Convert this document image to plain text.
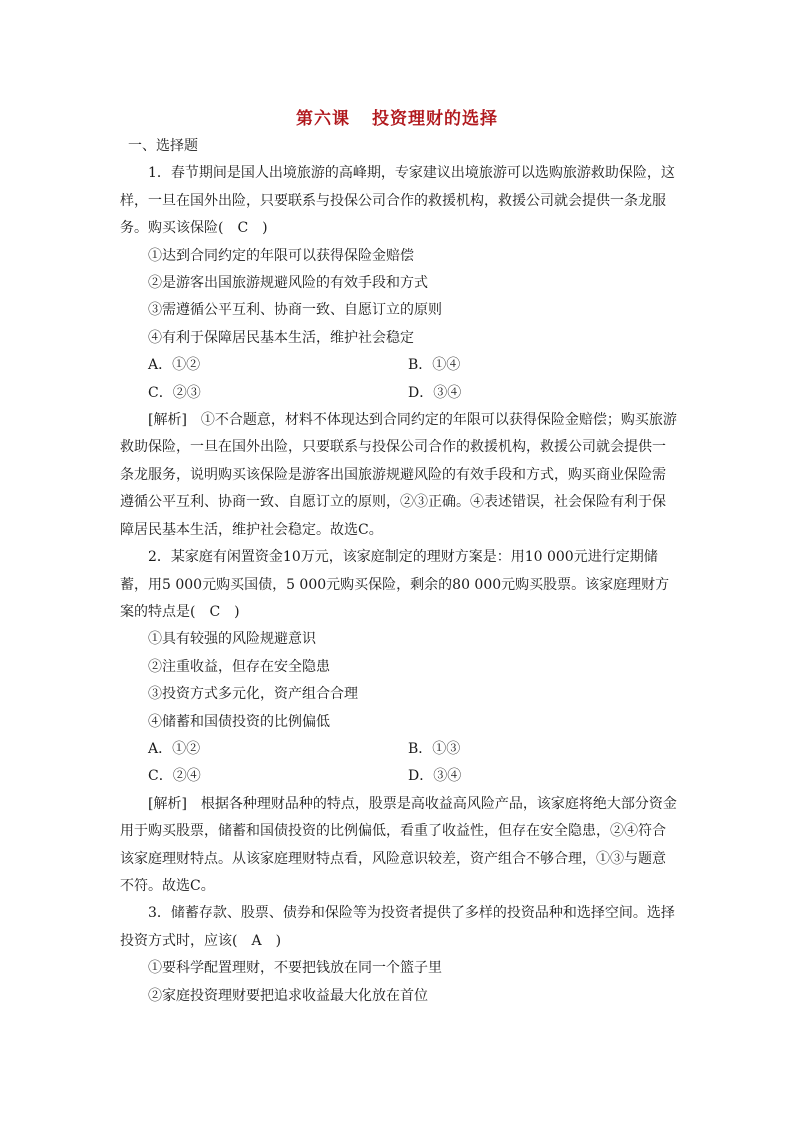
第六课 投资理财的选择

一、选择题

1．春节期间是国人出境旅游的高峰期，专家建议出境旅游可以选购旅游救助保险，这样，一旦在国外出险，只要联系与投保公司合作的救援机构，救援公司就会提供一条龙服务。购买该保险(　C　)

①达到合同约定的年限可以获得保险金赔偿

②是游客出国旅游规避风险的有效手段和方式

③需遵循公平互利、协商一致、自愿订立的原则

④有利于保障居民基本生活，维护社会稳定

A．①②	B．①④
C．②③	D．③④

[解析]　①不合题意，材料不体现达到合同约定的年限可以获得保险金赔偿；购买旅游救助保险，一旦在国外出险，只要联系与投保公司合作的救援机构，救援公司就会提供一条龙服务，说明购买该保险是游客出国旅游规避风险的有效手段和方式，购买商业保险需遵循公平互利、协商一致、自愿订立的原则，②③正确。④表述错误，社会保险有利于保障居民基本生活，维护社会稳定。故选C。

2．某家庭有闲置资金10万元，该家庭制定的理财方案是：用10 000元进行定期储蓄，用5 000元购买国债，5 000元购买保险，剩余的80 000元购买股票。该家庭理财方案的特点是(　C　)

①具有较强的风险规避意识

②注重收益，但存在安全隐患

③投资方式多元化，资产组合合理

④储蓄和国债投资的比例偏低

A．①②	B．①③
C．②④	D．③④

[解析]　根据各种理财品种的特点，股票是高收益高风险产品，该家庭将绝大部分资金用于购买股票，储蓄和国债投资的比例偏低，看重了收益性，但存在安全隐患，②④符合该家庭理财特点。从该家庭理财特点看，风险意识较差，资产组合不够合理，①③与题意不符。故选C。

3．储蓄存款、股票、债券和保险等为投资者提供了多样的投资品种和选择空间。选择投资方式时，应该(　A　)

①要科学配置理财，不要把钱放在同一个篮子里

②家庭投资理财要把追求收益最大化放在首位
